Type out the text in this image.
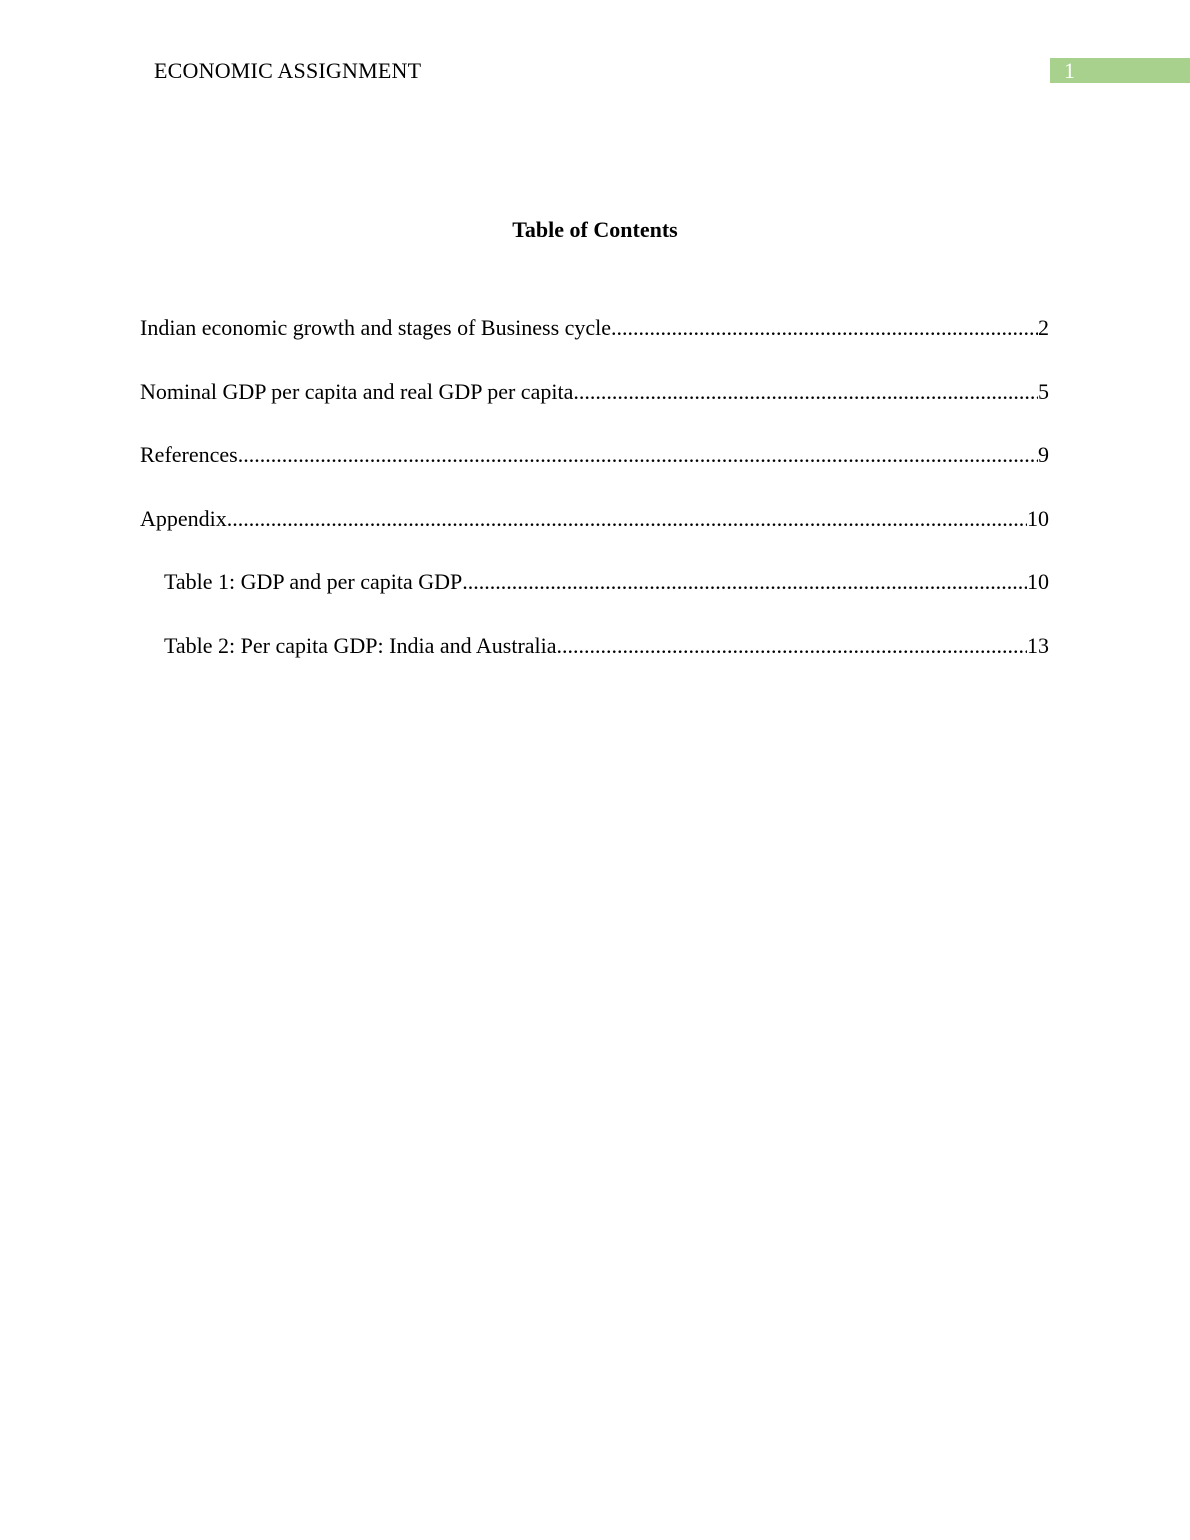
ECONOMIC ASSIGNMENT	1
Table of Contents
Indian economic growth and stages of Business cycle .....	2
Nominal GDP per capita and real GDP per capita .....	5
References .....	9
Appendix .....	10
Table 1: GDP and per capita GDP .....	10
Table 2: Per capita GDP: India and Australia .....	13
